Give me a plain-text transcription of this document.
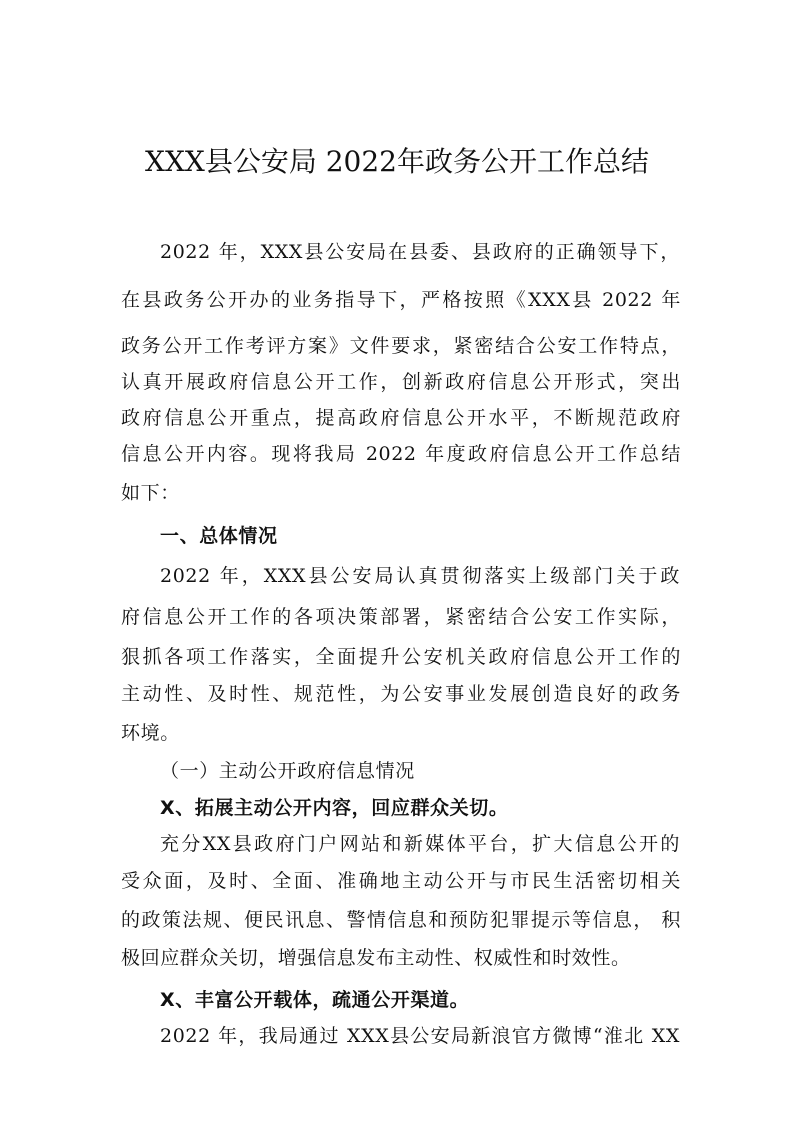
XXX县公安局 2022年政务公开工作总结
2022 年，XXX县公安局在县委、县政府的正确领导下，
在县政务公开办的业务指导下，严格按照《XXX县 2022 年
政务公开工作考评方案》文件要求，紧密结合公安工作特点，
认真开展政府信息公开工作，创新政府信息公开形式，突出
政府信息公开重点，提高政府信息公开水平，不断规范政府
信息公开内容。现将我局 2022 年度政府信息公开工作总结
如下：
一、总体情况
2022 年，XXX县公安局认真贯彻落实上级部门关于政
府信息公开工作的各项决策部署，紧密结合公安工作实际，
狠抓各项工作落实，全面提升公安机关政府信息公开工作的
主动性、及时性、规范性，为公安事业发展创造良好的政务
环境。
（一）主动公开政府信息情况
X、拓展主动公开内容，回应群众关切。
充分XX县政府门户网站和新媒体平台，扩大信息公开的
受众面，及时、全面、准确地主动公开与市民生活密切相关
的政策法规、便民讯息、警情信息和预防犯罪提示等信息， 积
极回应群众关切，增强信息发布主动性、权威性和时效性。
X、丰富公开载体，疏通公开渠道。
2022 年，我局通过 XXX县公安局新浪官方微博“淮北 XX
